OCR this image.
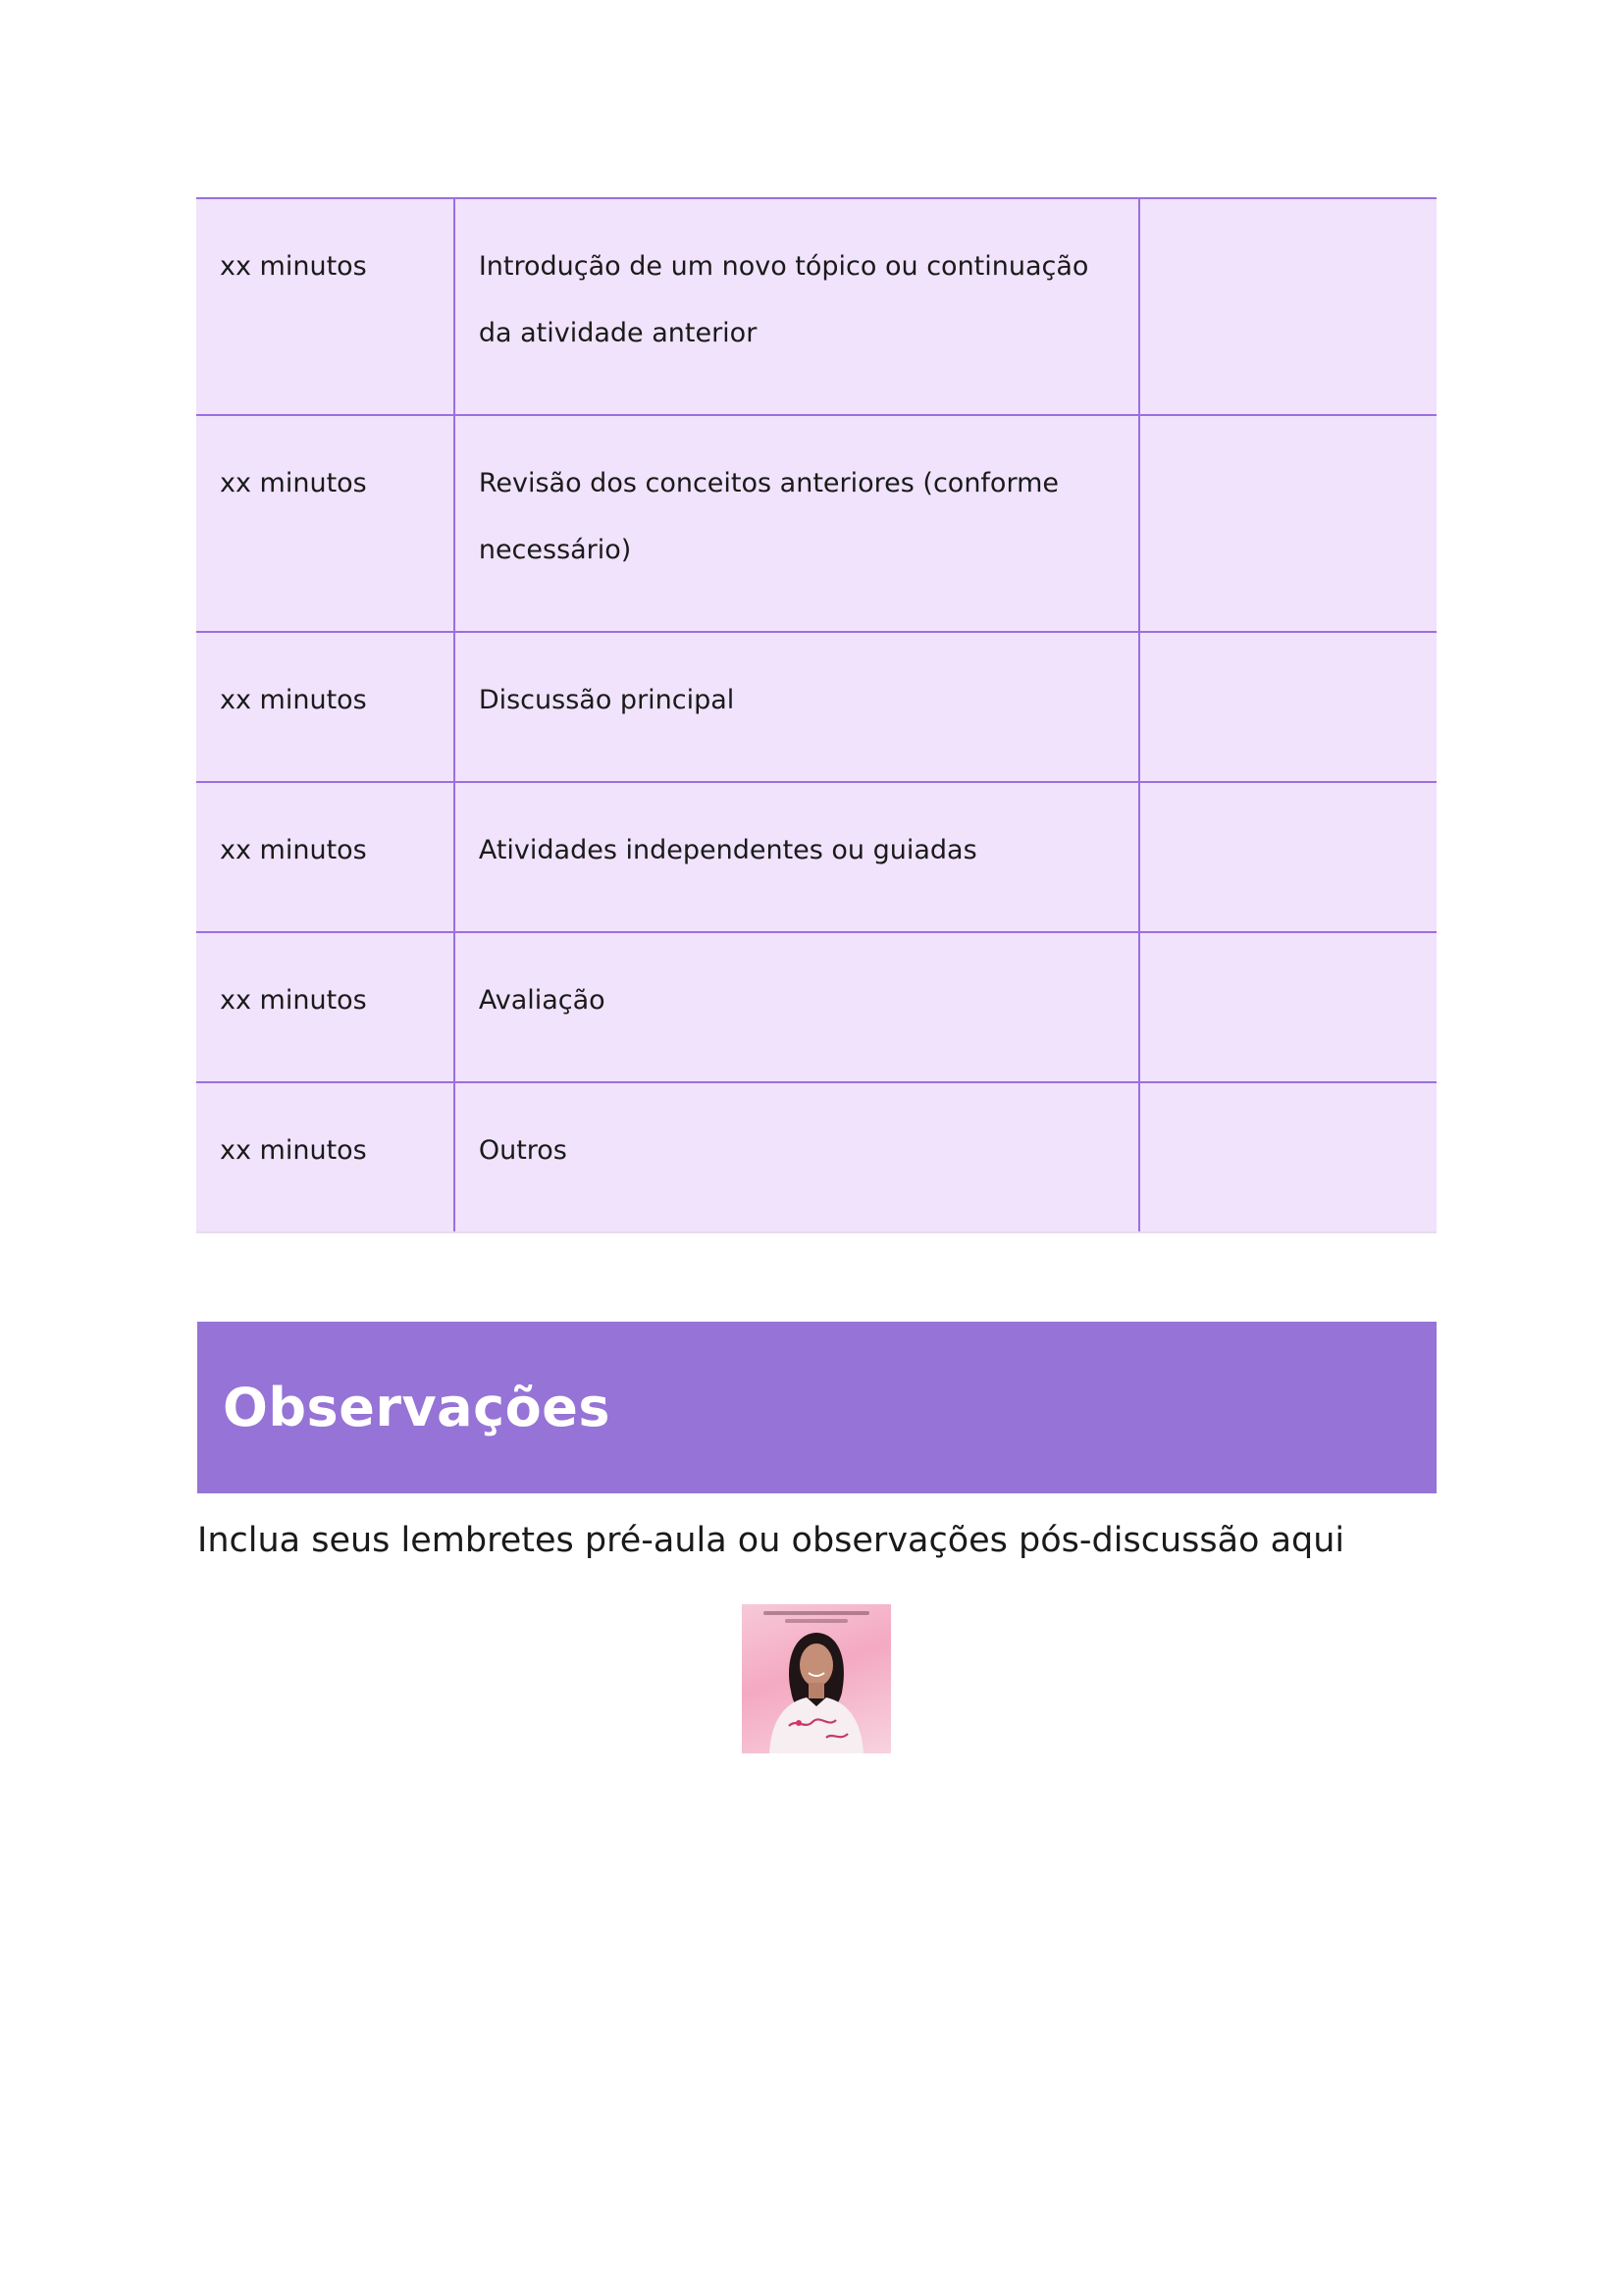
xx minutos	Introdução de um novo tópico ou continuação da atividade anterior	

xx minutos	Revisão dos conceitos anteriores (conforme necessário)	

xx minutos	Discussão principal	

xx minutos	Atividades independentes ou guiadas	

xx minutos	Avaliação	

xx minutos	Outros	

Observações

Inclua seus lembretes pré-aula ou observações pós-discussão aqui
